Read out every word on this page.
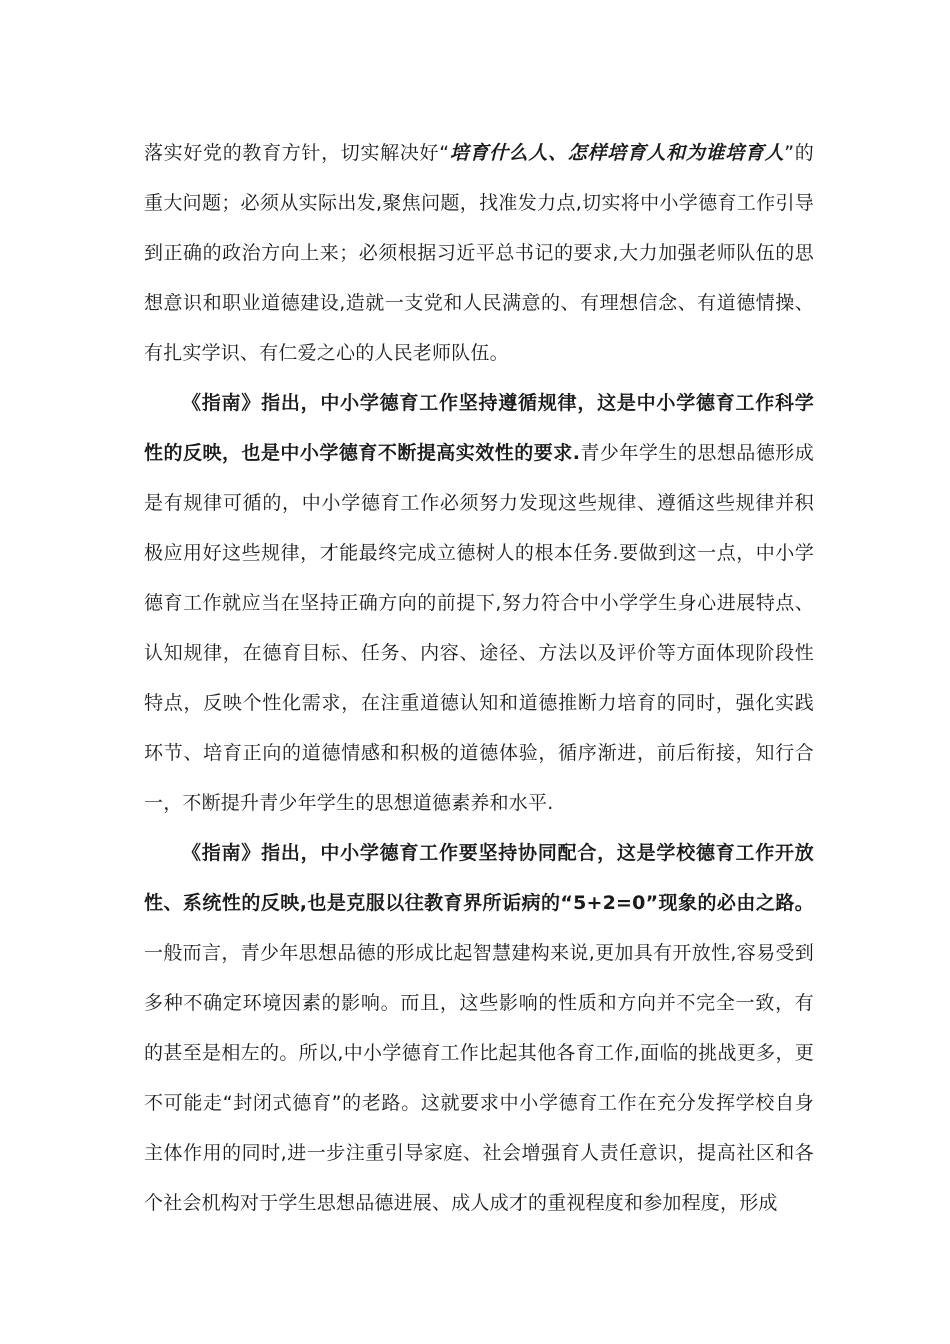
落实好党的教育方针，切实解决好“培育什么人、怎样培育人和为谁培育人”的重大问题；必须从实际出发,聚焦问题，找准发力点,切实将中小学德育工作引导到正确的政治方向上来；必须根据习近平总书记的要求,大力加强老师队伍的思想意识和职业道德建设,造就一支党和人民满意的、有理想信念、有道德情操、有扎实学识、有仁爱之心的人民老师队伍。

《指南》指出，中小学德育工作坚持遵循规律，这是中小学德育工作科学性的反映，也是中小学德育不断提高实效性的要求.青少年学生的思想品德形成是有规律可循的，中小学德育工作必须努力发现这些规律、遵循这些规律并积极应用好这些规律，才能最终完成立德树人的根本任务.要做到这一点，中小学德育工作就应当在坚持正确方向的前提下,努力符合中小学学生身心进展特点、认知规律，在德育目标、任务、内容、途径、方法以及评价等方面体现阶段性特点，反映个性化需求，在注重道德认知和道德推断力培育的同时，强化实践环节、培育正向的道德情感和积极的道德体验，循序渐进，前后衔接，知行合一，不断提升青少年学生的思想道德素养和水平.

《指南》指出，中小学德育工作要坚持协同配合，这是学校德育工作开放性、系统性的反映,也是克服以往教育界所诟病的“5+2=0”现象的必由之路。一般而言，青少年思想品德的形成比起智慧建构来说,更加具有开放性,容易受到多种不确定环境因素的影响。而且，这些影响的性质和方向并不完全一致，有的甚至是相左的。所以,中小学德育工作比起其他各育工作,面临的挑战更多，更不可能走“封闭式德育”的老路。这就要求中小学德育工作在充分发挥学校自身主体作用的同时,进一步注重引导家庭、社会增强育人责任意识，提高社区和各个社会机构对于学生思想品德进展、成人成才的重视程度和参加程度，形成
